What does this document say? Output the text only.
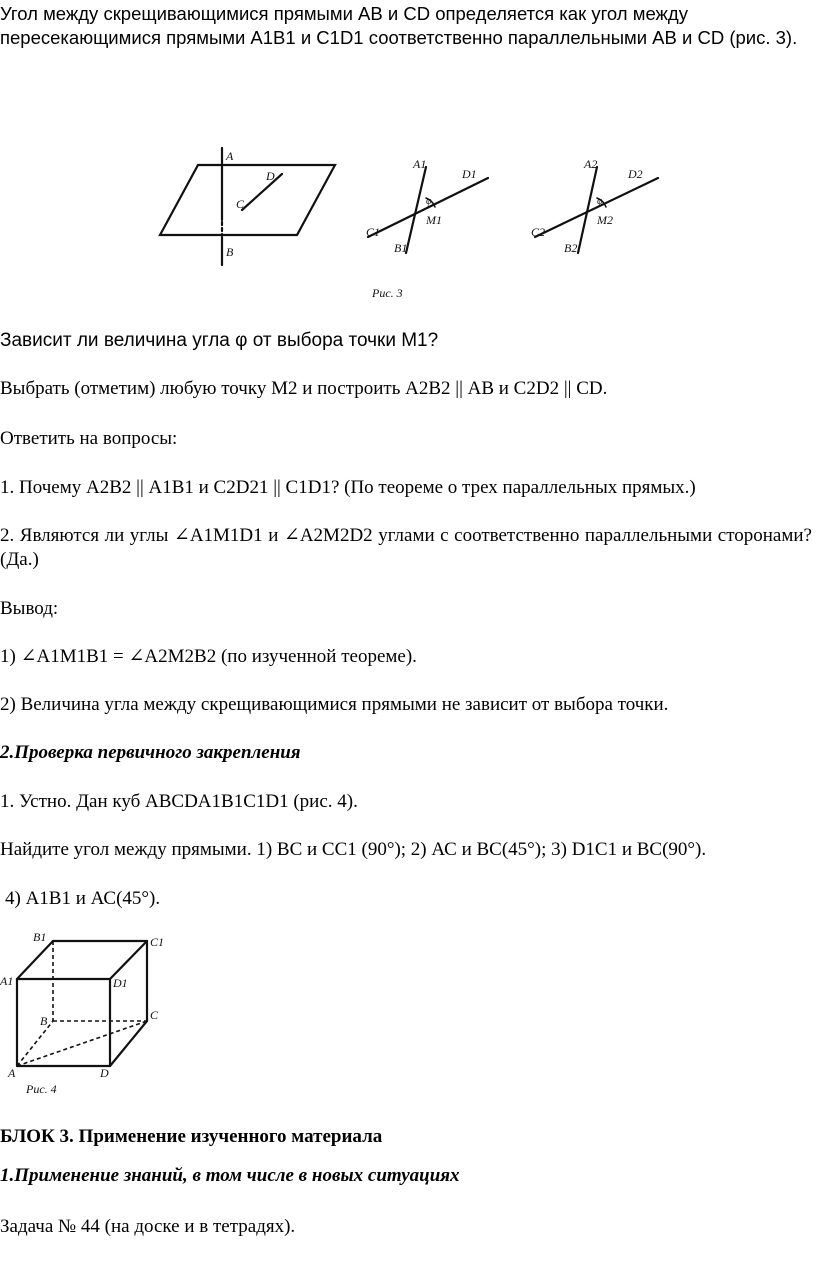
Угол между скрещивающимися прямыми АВ и CD определяется как угол между пересекающимися прямыми A1B1 и C1D1 соответственно параллельными АВ и CD (рис. 3).

A
B
C
D
A1
D1
C1
B1
M1
φ
A2
D2
C2
B2
M2
φ
Рис. 3

Зависит ли величина угла φ от выбора точки М1?

Выбрать (отметим) любую точку М2 и построить А2В2 || АВ и С2D2 || CD.

Ответить на вопросы:

1. Почему А2В2 || А1В1 и С2D21 || C1D1? (По теореме о трех параллельных прямых.)

2. Являются ли углы ∠A1M1D1 и ∠A2M2D2 углами с соответственно параллельными сторонами? (Да.)

Вывод:

1) ∠A1M1B1 = ∠A2M2B2 (по изученной теореме).

2) Величина угла между скрещивающимися прямыми не зависит от выбора точки.

2.Проверка первичного закрепления

1. Устно. Дан куб ABCDA1B1C1D1 (рис. 4).

Найдите угол между прямыми. 1) ВС и СС1 (90°); 2) АС и ВС(45°); 3) D1C1 и ВС(90°).

4) А1В1 и АС(45°).

B1	C1
A1	D1
B	C
A	D
Рис. 4

БЛОК 3. Применение изученного материала

1.Применение знаний, в том числе в новых ситуациях

Задача № 44 (на доске и в тетрадях).
